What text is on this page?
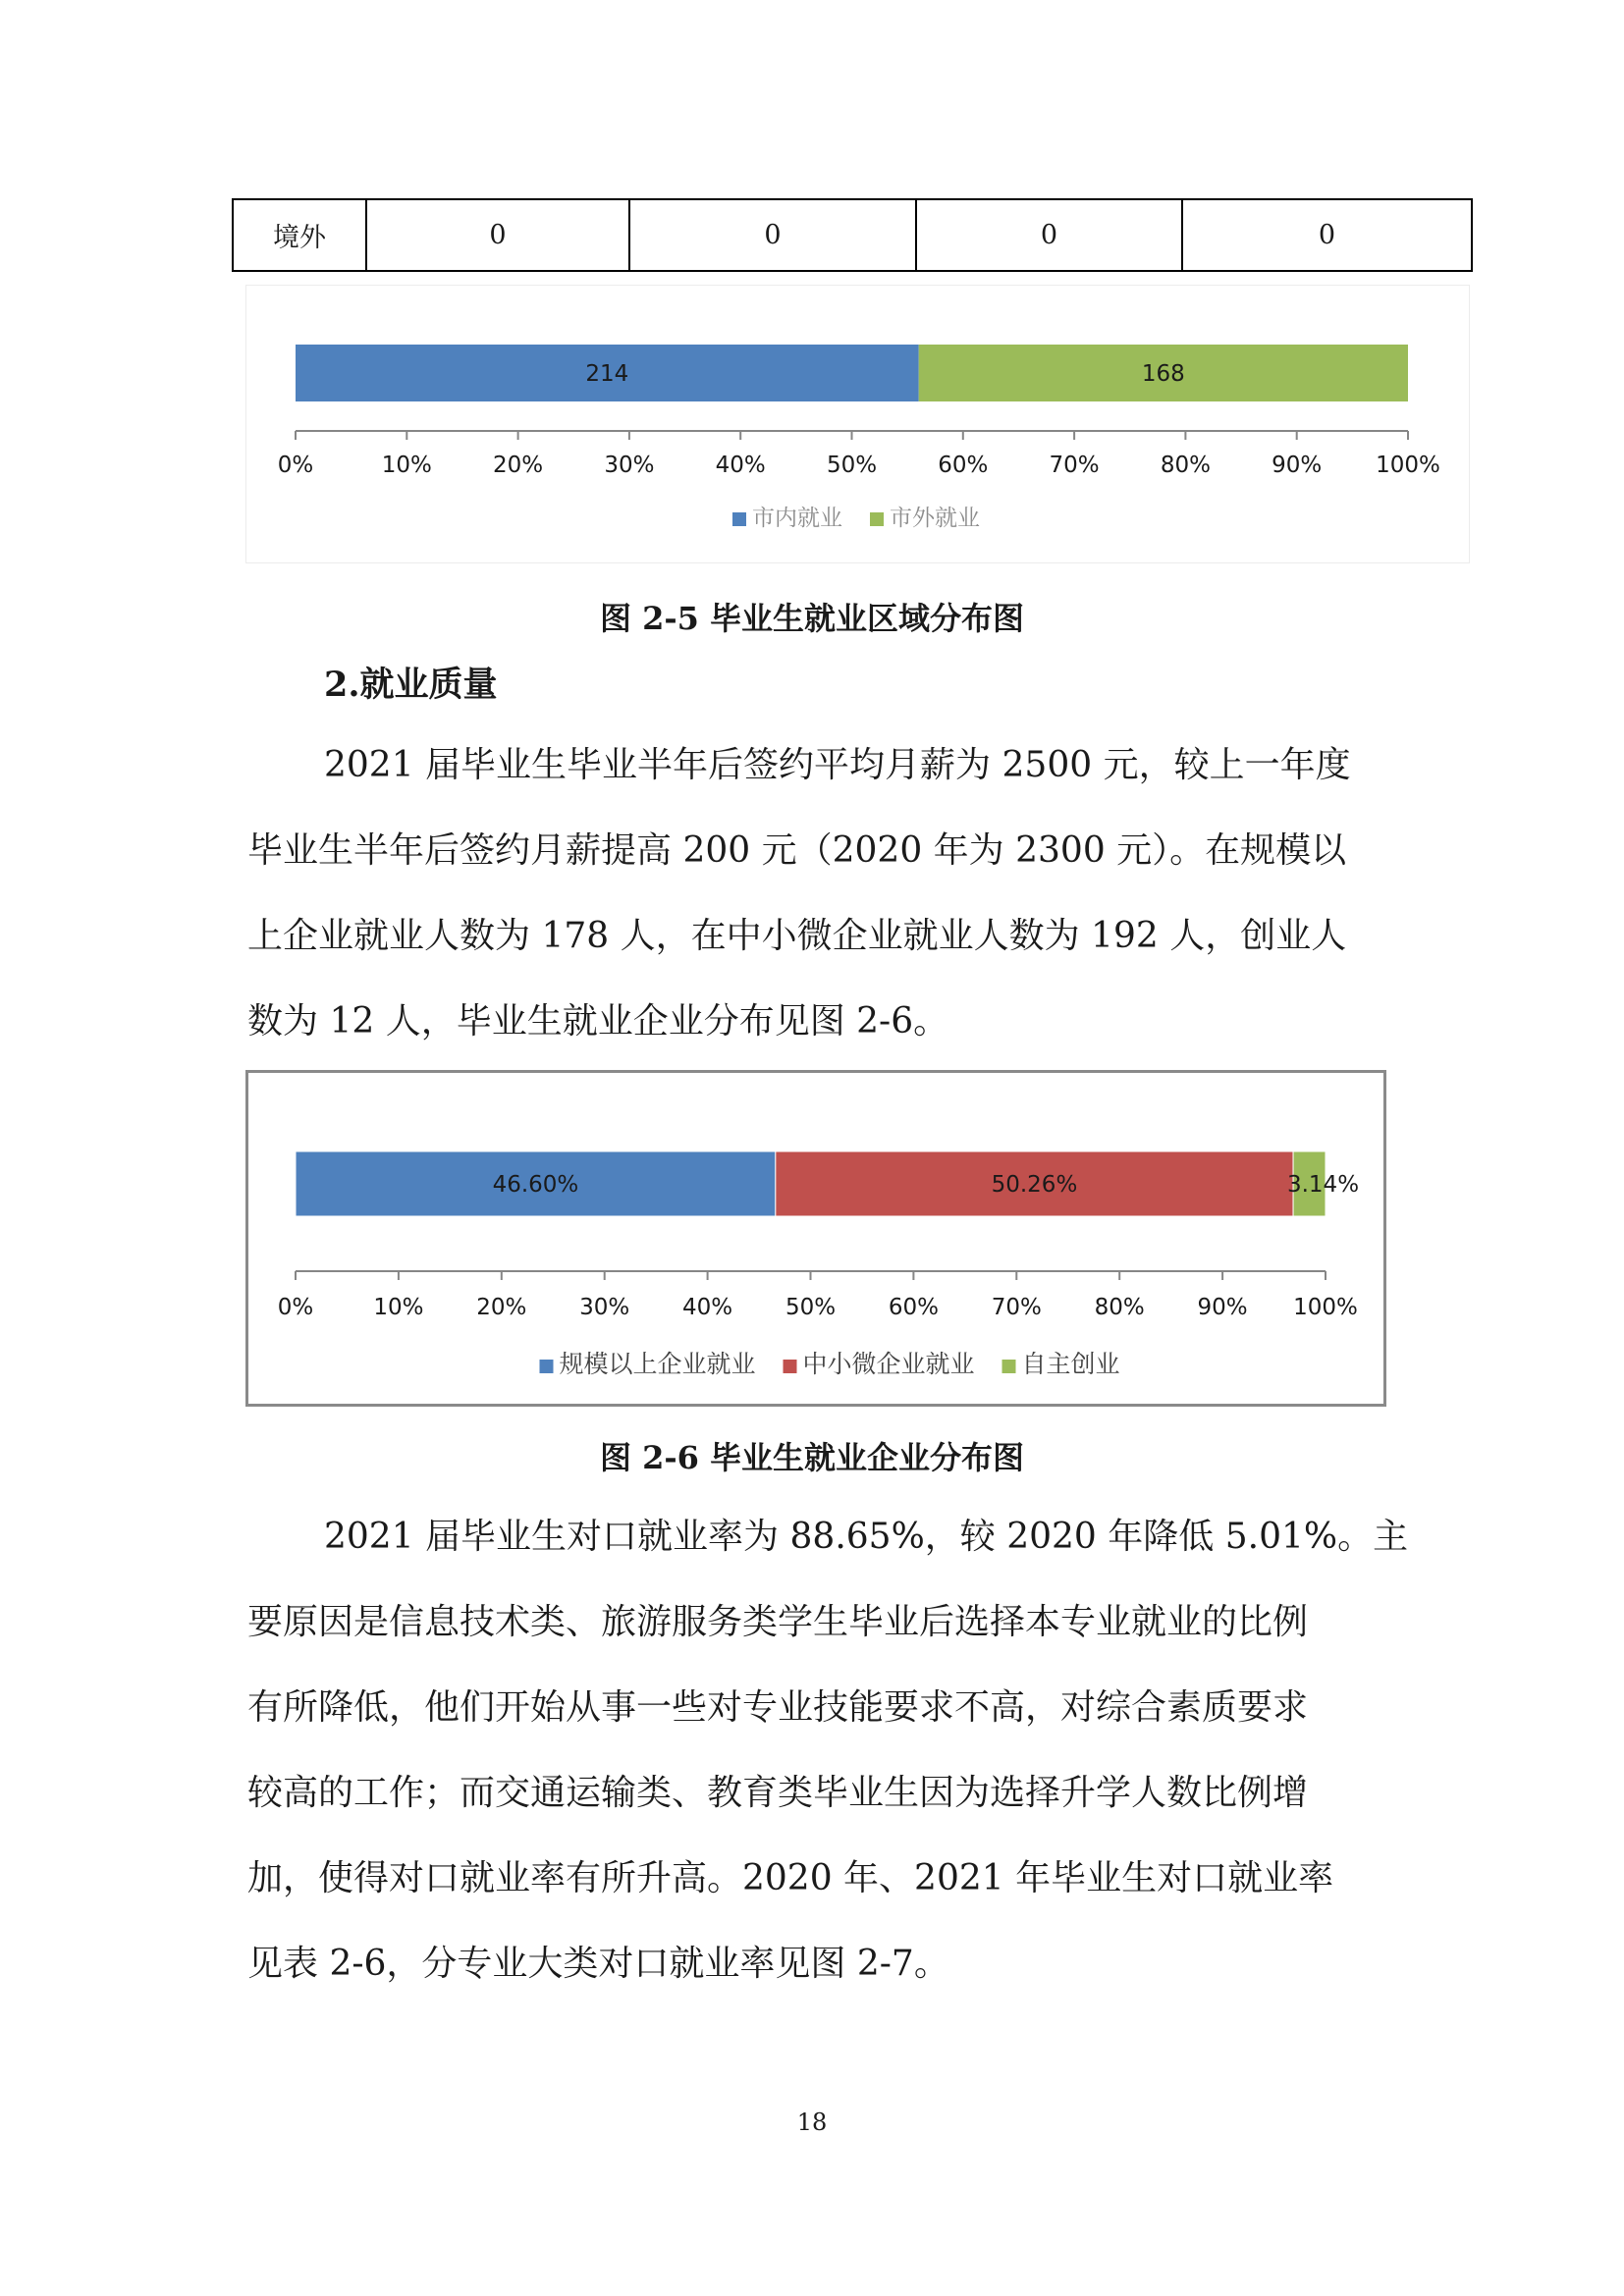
境外	0	0	0	0
214	168
0%	10%	20%	30%	40%	50%	60%	70%	80%	90% 100%
市内就业 市外就业
图 2-5 毕业生就业区域分布图
2.就业质量

2021 届毕业生毕业半年后签约平均月薪为 2500 元，较上一年度
毕业生半年后签约月薪提高 200 元（2020 年为 2300 元）。在规模以
上企业就业人数为 178 人，在中小微企业就业人数为 192 人，创业人
数为 12 人，毕业生就业企业分布见图 2-6。

46.60%	50.26%	3.14%
0%	10% 20% 30% 40% 50% 60% 70% 80% 90% 100%
规模以上企业就业 中小微企业就业 自主创业
图 2-6 毕业生就业企业分布图

2021 届毕业生对口就业率为 88.65%，较 2020 年降低 5.01%。主
要原因是信息技术类、旅游服务类学生毕业后选择本专业就业的比例
有所降低，他们开始从事一些对专业技能要求不高，对综合素质要求
较高的工作；而交通运输类、教育类毕业生因为选择升学人数比例增
加，使得对口就业率有所升高。2020 年、2021 年毕业生对口就业率
见表 2-6，分专业大类对口就业率见图 2-7。

18
